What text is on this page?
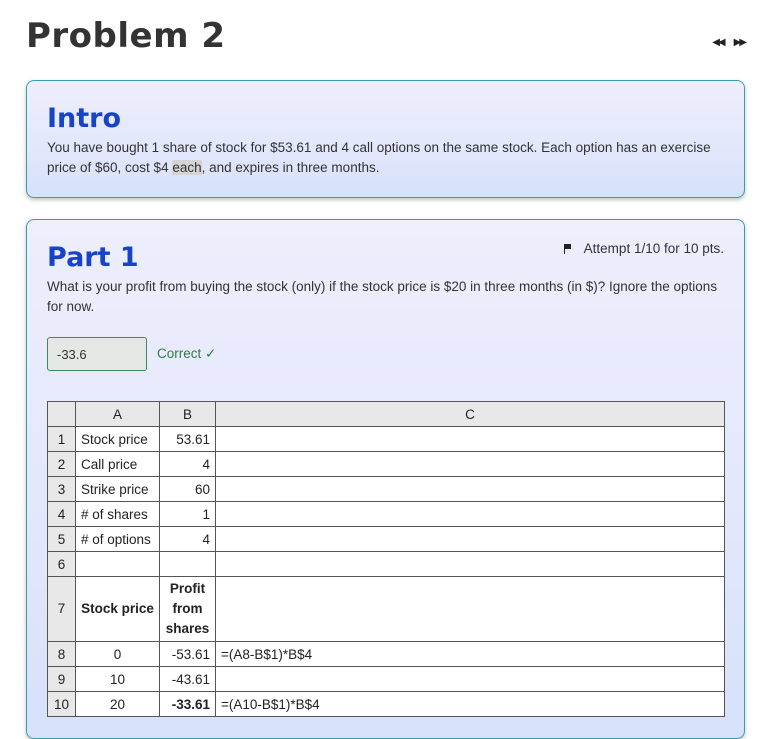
Problem 2	◀◀ ▶▶
Intro
You have bought 1 share of stock for $53.61 and 4 call options on the same stock. Each option has an exercise price of $60, cost $4 each, and expires in three months.
Part 1	Attempt 1/10 for 10 pts.
What is your profit from buying the stock (only) if the stock price is $20 in three months (in $)? Ignore the options for now.
-33.6
Correct ✓
	A	B	C
1	Stock price	53.61	
2	Call price	4	
3	Strike price	60	
4	# of shares	1	
5	# of options	4	
6			
7	Stock price	Profit from shares	
8	0	-53.61	=(A8-B$1)*B$4
9	10	-43.61	
10	20	-33.61	=(A10-B$1)*B$4
